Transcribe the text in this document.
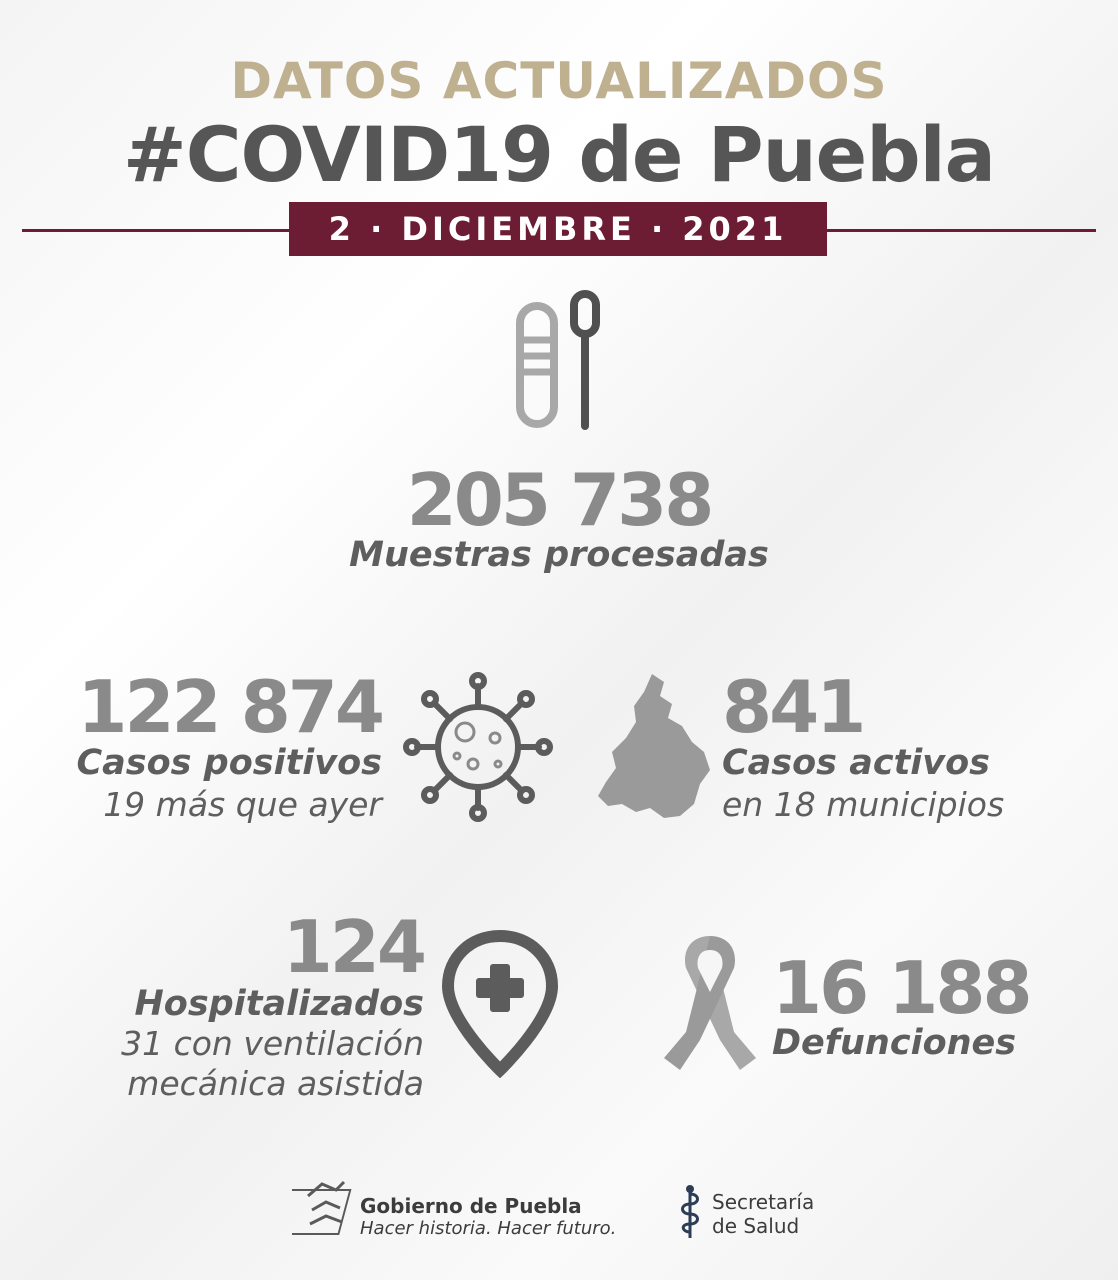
DATOS ACTUALIZADOS
#COVID19 de Puebla
2 · DICIEMBRE · 2021
205 738
Muestras procesadas
122 874
Casos positivos
19 más que ayer
841
Casos activos
en 18 municipios
124
Hospitalizados
31 con ventilación
mecánica asistida
16 188
Defunciones
Gobierno de Puebla
Hacer historia. Hacer futuro.
Secretaría
de Salud
